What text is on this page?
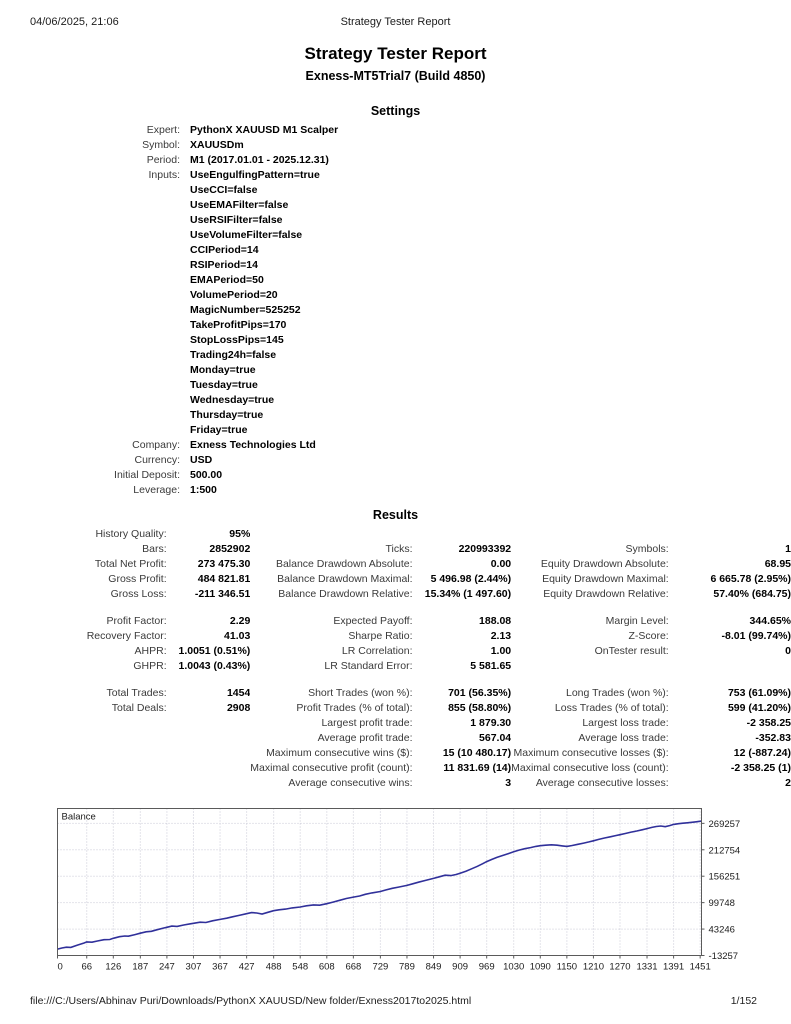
04/06/2025, 21:06	Strategy Tester Report
Strategy Tester Report
Exness-MT5Trial7 (Build 4850)
Settings
Expert:	PythonX XAUUSD M1 Scalper
Symbol:	XAUUSDm
Period:	M1 (2017.01.01 - 2025.12.31)
Inputs:	UseEngulfingPattern=true
	UseCCI=false
	UseEMAFilter=false
	UseRSIFilter=false
	UseVolumeFilter=false
	CCIPeriod=14
	RSIPeriod=14
	EMAPeriod=50
	VolumePeriod=20
	MagicNumber=525252
	TakeProfitPips=170
	StopLossPips=145
	Trading24h=false
	Monday=true
	Tuesday=true
	Wednesday=true
	Thursday=true
	Friday=true
Company:	Exness Technologies Ltd
Currency:	USD
Initial Deposit:	500.00
Leverage:	1:500
Results
History Quality:	95%				
Bars:	2852902	Ticks:	220993392	Symbols:	1
Total Net Profit:	273 475.30	Balance Drawdown Absolute:	0.00	Equity Drawdown Absolute:	68.95
Gross Profit:	484 821.81	Balance Drawdown Maximal:	5 496.98 (2.44%)	Equity Drawdown Maximal:	6 665.78 (2.95%)
Gross Loss:	-211 346.51	Balance Drawdown Relative:	15.34% (1 497.60)	Equity Drawdown Relative:	57.40% (684.75)

Profit Factor:	2.29	Expected Payoff:	188.08	Margin Level:	344.65%
Recovery Factor:	41.03	Sharpe Ratio:	2.13	Z-Score:	-8.01 (99.74%)
AHPR:	1.0051 (0.51%)	LR Correlation:	1.00	OnTester result:	0
GHPR:	1.0043 (0.43%)	LR Standard Error:	5 581.65		

Total Trades:	1454	Short Trades (won %):	701 (56.35%)	Long Trades (won %):	753 (61.09%)
Total Deals:	2908	Profit Trades (% of total):	855 (58.80%)	Loss Trades (% of total):	599 (41.20%)
		Largest profit trade:	1 879.30	Largest loss trade:	-2 358.25
		Average profit trade:	567.04	Average loss trade:	-352.83
		Maximum consecutive wins ($):	15 (10 480.17)	Maximum consecutive losses ($):	12 (-887.24)
		Maximal consecutive profit (count):	11 831.69 (14)	Maximal consecutive loss (count):	-2 358.25 (1)
		Average consecutive wins:	3	Average consecutive losses:	2
Balance
269257
212754
156251
99748
43246
-13257
0 66 126 187 247 307 367 427 488 548 608 668 729 789 849 909 969 1030 1090 1150 1210 1270 1331 1391 1451
file:///C:/Users/Abhinav Puri/Downloads/PythonX XAUUSD/New folder/Exness2017to2025.html	1/152
